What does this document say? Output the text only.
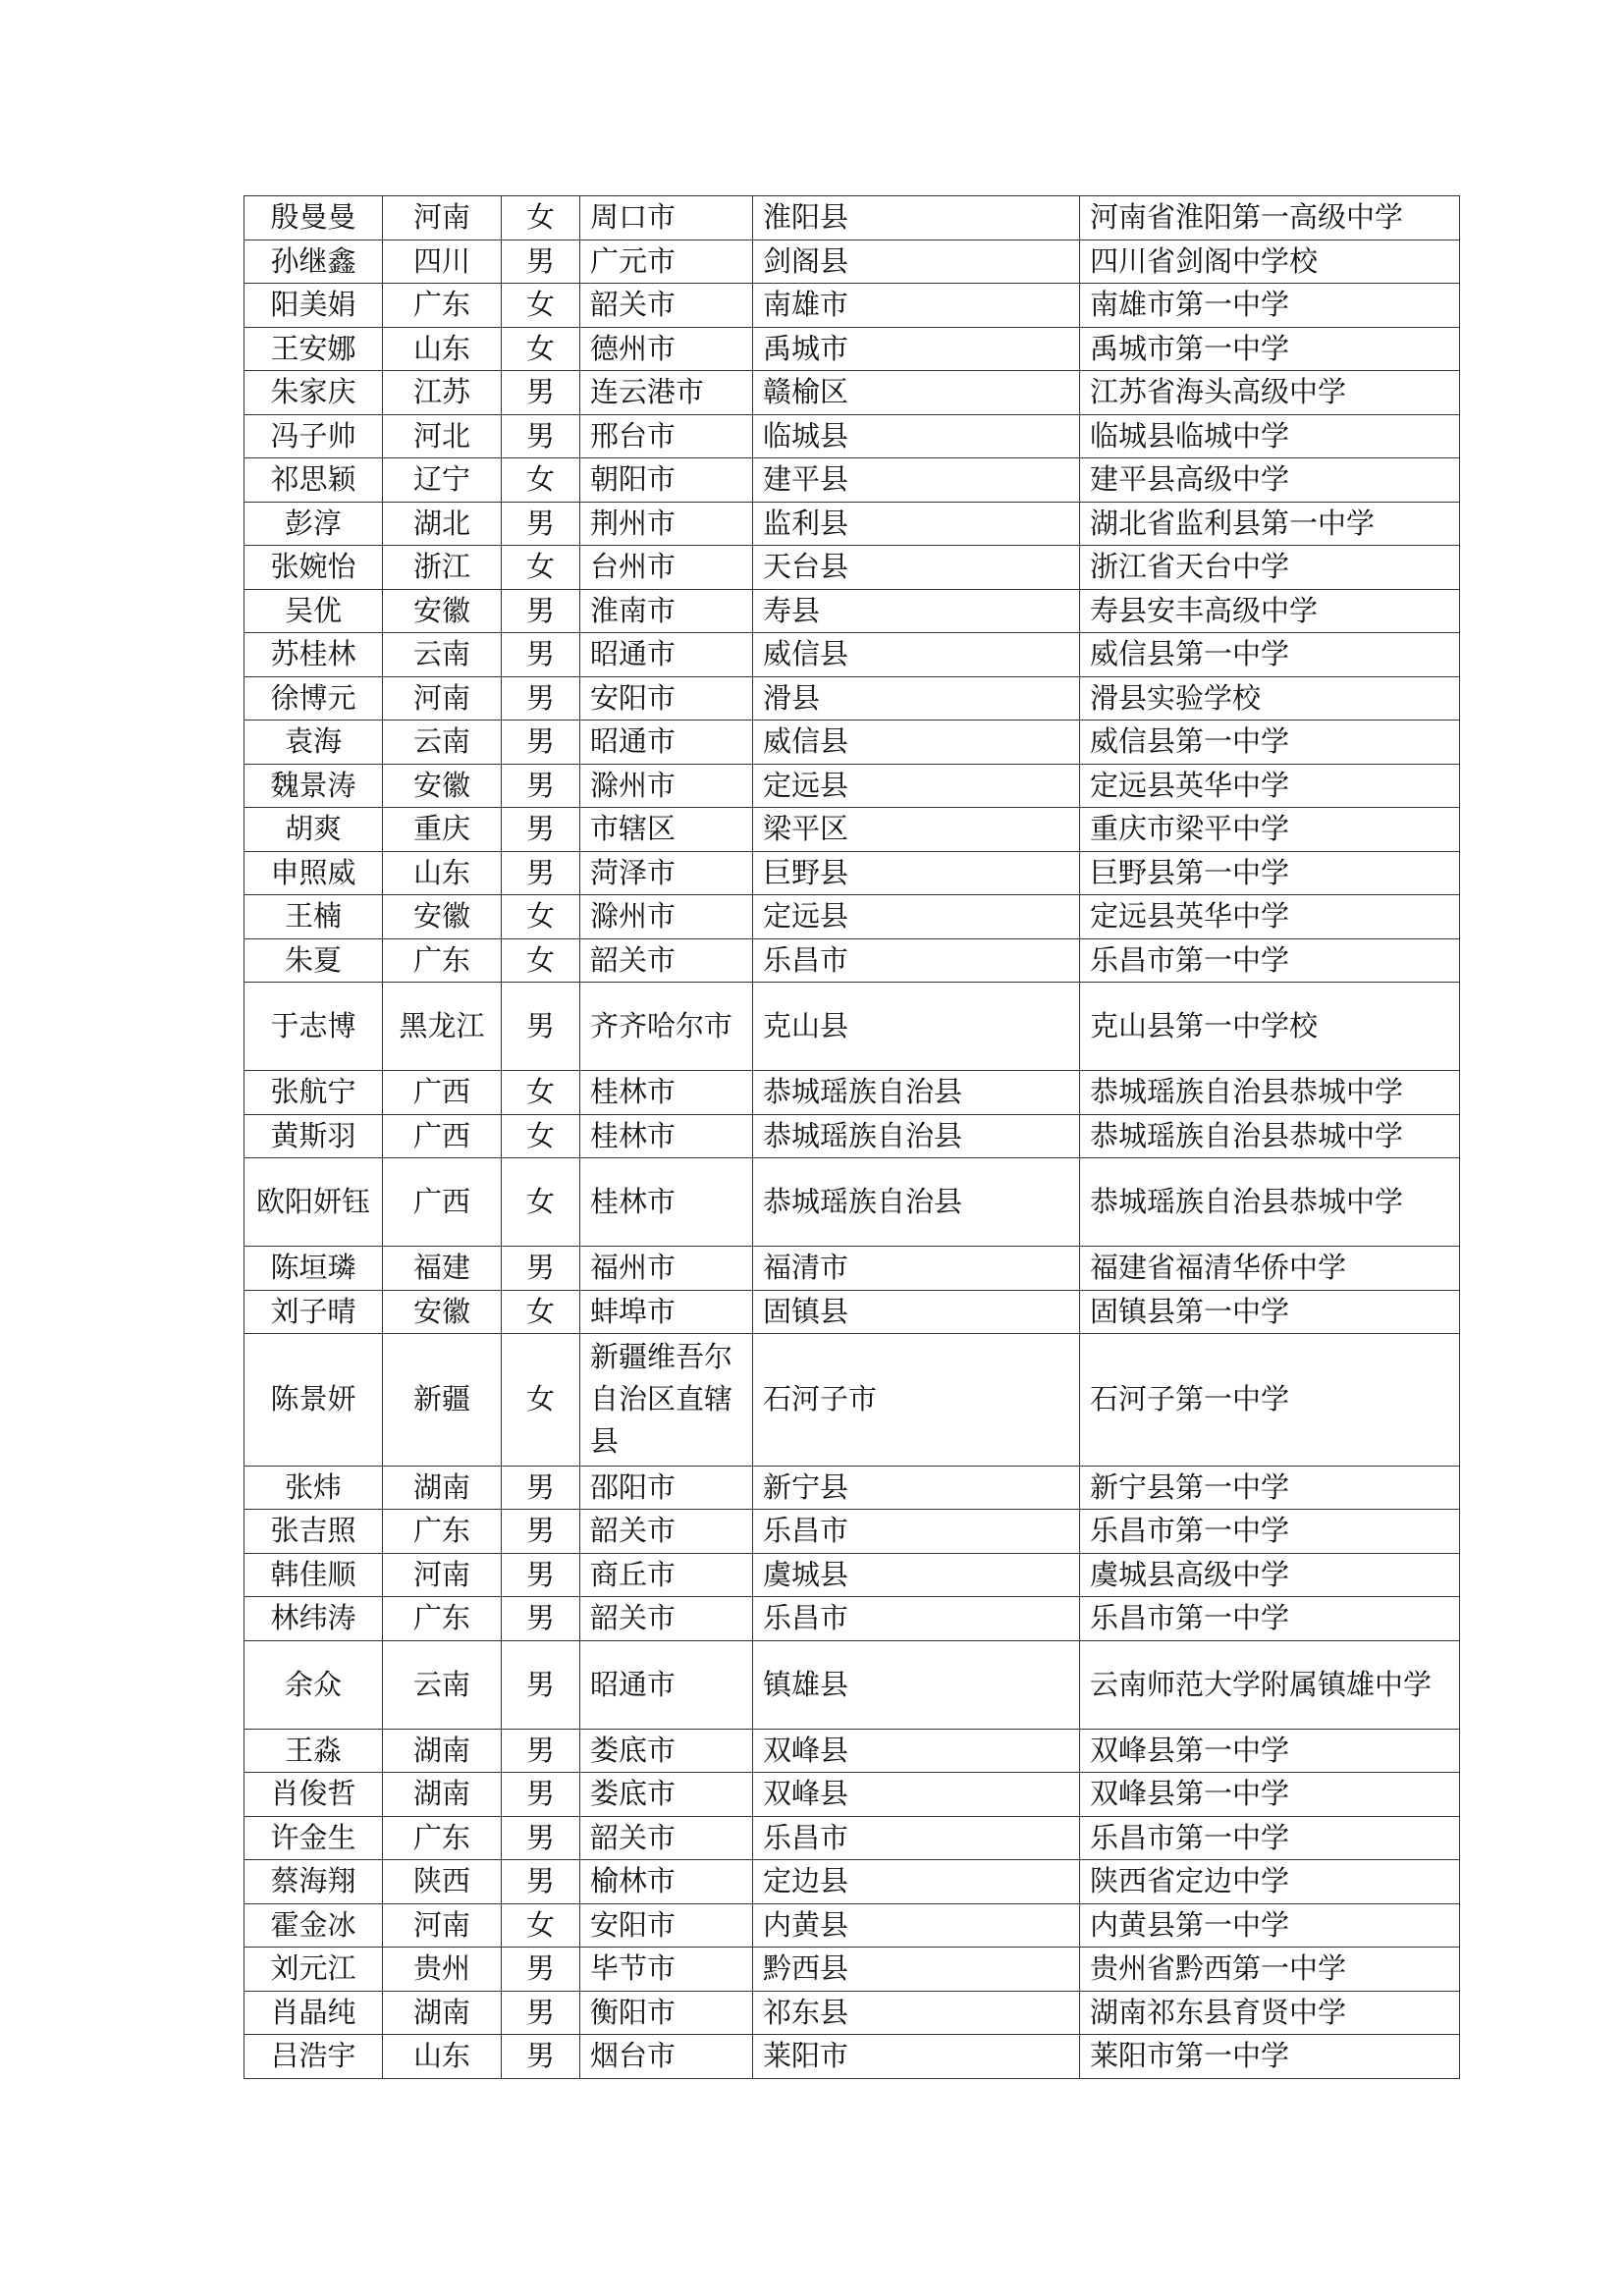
殷曼曼	河南	女	周口市	淮阳县	河南省淮阳第一高级中学
孙继鑫	四川	男	广元市	剑阁县	四川省剑阁中学校
阳美娟	广东	女	韶关市	南雄市	南雄市第一中学
王安娜	山东	女	德州市	禹城市	禹城市第一中学
朱家庆	江苏	男	连云港市	赣榆区	江苏省海头高级中学
冯子帅	河北	男	邢台市	临城县	临城县临城中学
祁思颖	辽宁	女	朝阳市	建平县	建平县高级中学
彭淳	湖北	男	荆州市	监利县	湖北省监利县第一中学
张婉怡	浙江	女	台州市	天台县	浙江省天台中学
吴优	安徽	男	淮南市	寿县	寿县安丰高级中学
苏桂林	云南	男	昭通市	威信县	威信县第一中学
徐博元	河南	男	安阳市	滑县	滑县实验学校
袁海	云南	男	昭通市	威信县	威信县第一中学
魏景涛	安徽	男	滁州市	定远县	定远县英华中学
胡爽	重庆	男	市辖区	梁平区	重庆市梁平中学
申照威	山东	男	菏泽市	巨野县	巨野县第一中学
王楠	安徽	女	滁州市	定远县	定远县英华中学
朱夏	广东	女	韶关市	乐昌市	乐昌市第一中学
于志博	黑龙江	男	齐齐哈尔市	克山县	克山县第一中学校
张航宁	广西	女	桂林市	恭城瑶族自治县	恭城瑶族自治县恭城中学
黄斯羽	广西	女	桂林市	恭城瑶族自治县	恭城瑶族自治县恭城中学
欧阳妍钰	广西	女	桂林市	恭城瑶族自治县	恭城瑶族自治县恭城中学
陈垣璘	福建	男	福州市	福清市	福建省福清华侨中学
刘子晴	安徽	女	蚌埠市	固镇县	固镇县第一中学
陈景妍	新疆	女	新疆维吾尔自治区直辖县	石河子市	石河子第一中学
张炜	湖南	男	邵阳市	新宁县	新宁县第一中学
张吉照	广东	男	韶关市	乐昌市	乐昌市第一中学
韩佳顺	河南	男	商丘市	虞城县	虞城县高级中学
林纬涛	广东	男	韶关市	乐昌市	乐昌市第一中学
余众	云南	男	昭通市	镇雄县	云南师范大学附属镇雄中学
王淼	湖南	男	娄底市	双峰县	双峰县第一中学
肖俊哲	湖南	男	娄底市	双峰县	双峰县第一中学
许金生	广东	男	韶关市	乐昌市	乐昌市第一中学
蔡海翔	陕西	男	榆林市	定边县	陕西省定边中学
霍金冰	河南	女	安阳市	内黄县	内黄县第一中学
刘元江	贵州	男	毕节市	黔西县	贵州省黔西第一中学
肖晶纯	湖南	男	衡阳市	祁东县	湖南祁东县育贤中学
吕浩宇	山东	男	烟台市	莱阳市	莱阳市第一中学
